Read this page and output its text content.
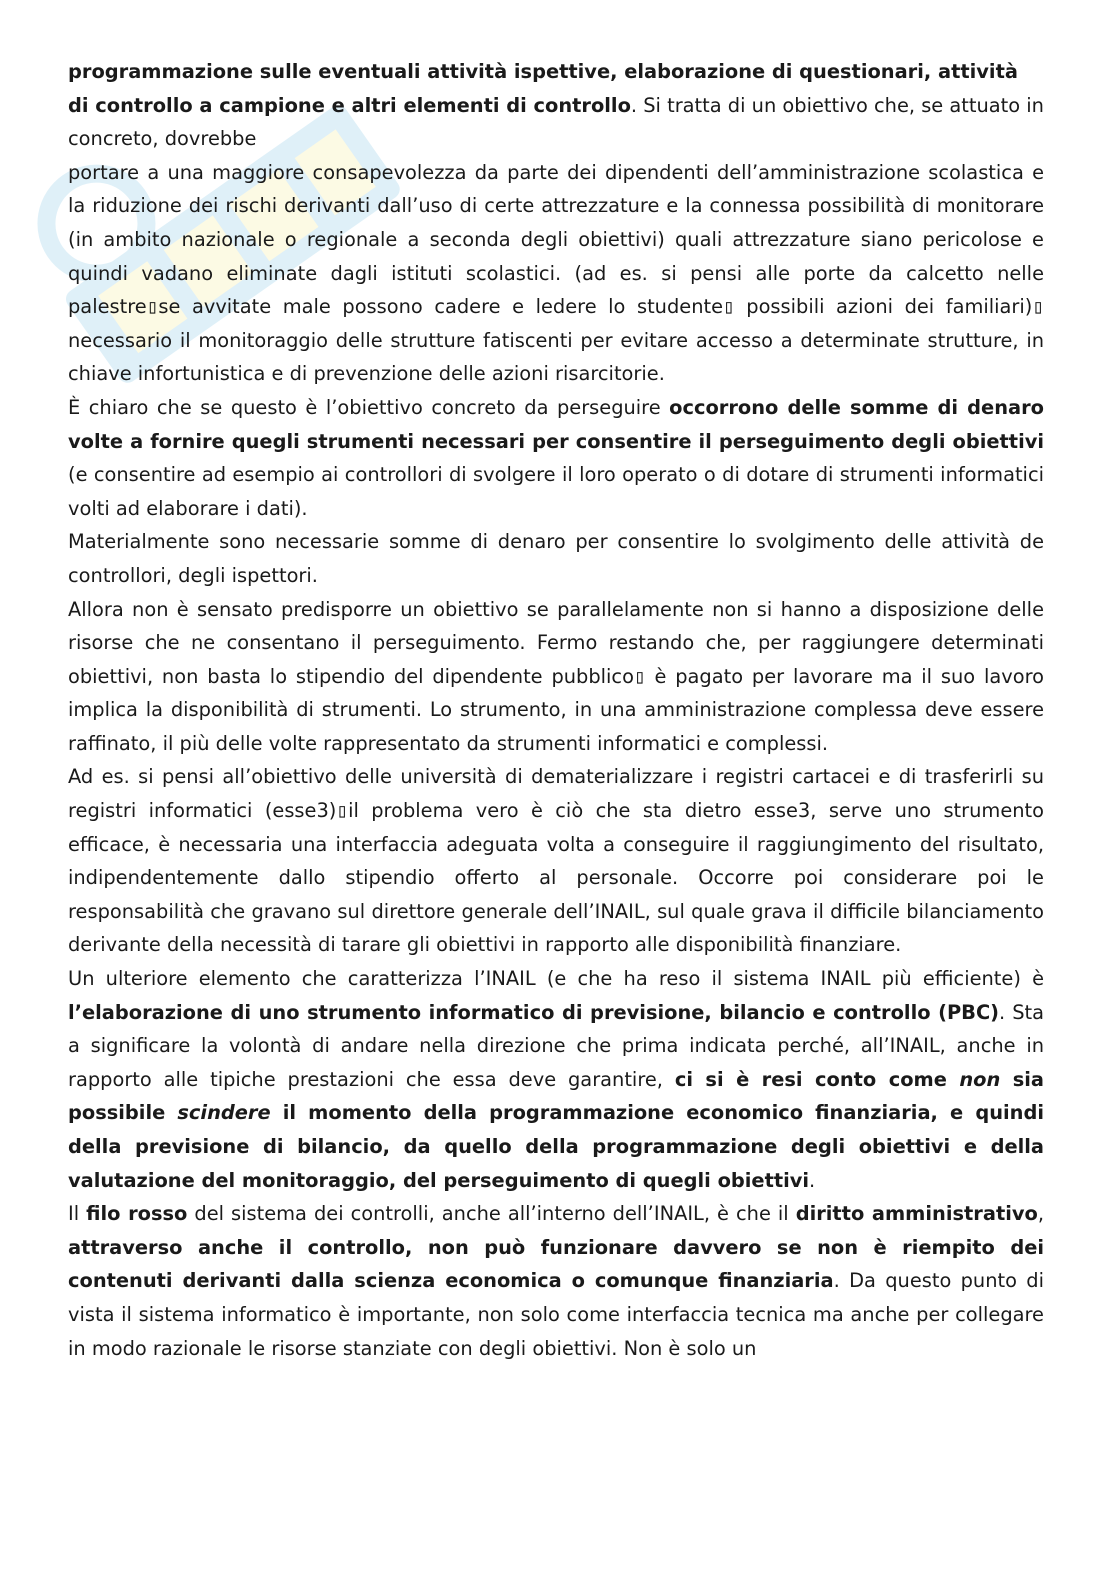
programmazione sulle eventuali attività ispettive, elaborazione di questionari, attività di controllo a campione e altri elementi di controllo. Si tratta di un obiettivo che, se attuato in concreto, dovrebbe

portare a una maggiore consapevolezza da parte dei dipendenti dell’amministrazione scolastica e la riduzione dei rischi derivanti dall’uso di certe attrezzature e la connessa possibilità di monitorare (in ambito nazionale o regionale a seconda degli obiettivi) quali attrezzature siano pericolose e quindi vadano eliminate dagli istituti scolastici. (ad es. si pensi alle porte da calcetto nelle palestre▯se avvitate male possono cadere e ledere lo studente▯ possibili azioni dei familiari)▯ necessario il monitoraggio delle strutture fatiscenti per evitare accesso a determinate strutture, in chiave infortunistica e di prevenzione delle azioni risarcitorie.

È chiaro che se questo è l’obiettivo concreto da perseguire occorrono delle somme di denaro volte a fornire quegli strumenti necessari per consentire il perseguimento degli obiettivi (e consentire ad esempio ai controllori di svolgere il loro operato o di dotare di strumenti informatici volti ad elaborare i dati).

Materialmente sono necessarie somme di denaro per consentire lo svolgimento delle attività de controllori, degli ispettori.

Allora non è sensato predisporre un obiettivo se parallelamente non si hanno a disposizione delle risorse che ne consentano il perseguimento. Fermo restando che, per raggiungere determinati obiettivi, non basta lo stipendio del dipendente pubblico▯ è pagato per lavorare ma il suo lavoro implica la disponibilità di strumenti. Lo strumento, in una amministrazione complessa deve essere raffinato, il più delle volte rappresentato da strumenti informatici e complessi.

Ad es. si pensi all’obiettivo delle università di dematerializzare i registri cartacei e di trasferirli su registri informatici (esse3)▯il problema vero è ciò che sta dietro esse3, serve uno strumento efficace, è necessaria una interfaccia adeguata volta a conseguire il raggiungimento del risultato, indipendentemente dallo stipendio offerto al personale. Occorre poi considerare poi le responsabilità che gravano sul direttore generale dell’INAIL, sul quale grava il difficile bilanciamento derivante della necessità di tarare gli obiettivi in rapporto alle disponibilità finanziare.

Un ulteriore elemento che caratterizza l’INAIL (e che ha reso il sistema INAIL più efficiente) è l’elaborazione di uno strumento informatico di previsione, bilancio e controllo (PBC). Sta a significare la volontà di andare nella direzione che prima indicata perché, all’INAIL, anche in rapporto alle tipiche prestazioni che essa deve garantire, ci si è resi conto come non sia possibile scindere il momento della programmazione economico finanziaria, e quindi della previsione di bilancio, da quello della programmazione degli obiettivi e della valutazione del monitoraggio, del perseguimento di quegli obiettivi.

Il filo rosso del sistema dei controlli, anche all’interno dell’INAIL, è che il diritto amministrativo, attraverso anche il controllo, non può funzionare davvero se non è riempito dei contenuti derivanti dalla scienza economica o comunque finanziaria. Da questo punto di vista il sistema informatico è importante, non solo come interfaccia tecnica ma anche per collegare in modo razionale le risorse stanziate con degli obiettivi. Non è solo un
